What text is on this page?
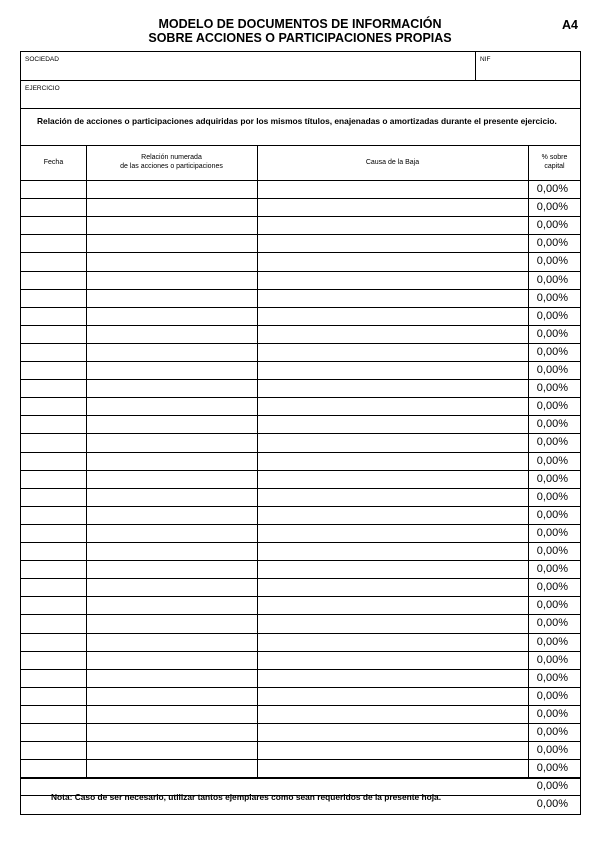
MODELO DE DOCUMENTOS DE INFORMACIÓN
SOBRE ACCIONES O PARTICIPACIONES PROPIAS
A4
SOCIEDAD	NIF
EJERCICIO
Relación de acciones o participaciones adquiridas por los mismos títulos, enajenadas o amortizadas durante el presente ejercicio.
Fecha
Relación numerada
de las acciones o participaciones
Causa de la Baja
% sobre
capital
0,00%
0,00%
0,00%
0,00%
0,00%
0,00%
0,00%
0,00%
0,00%
0,00%
0,00%
0,00%
0,00%
0,00%
0,00%
0,00%
0,00%
0,00%
0,00%
0,00%
0,00%
0,00%
0,00%
0,00%
0,00%
0,00%
0,00%
0,00%
0,00%
0,00%
0,00%
0,00%
0,00%
0,00%
0,00%
Nota: Caso de ser necesario, utilizar tantos ejemplares como sean requeridos de la presente hoja.
